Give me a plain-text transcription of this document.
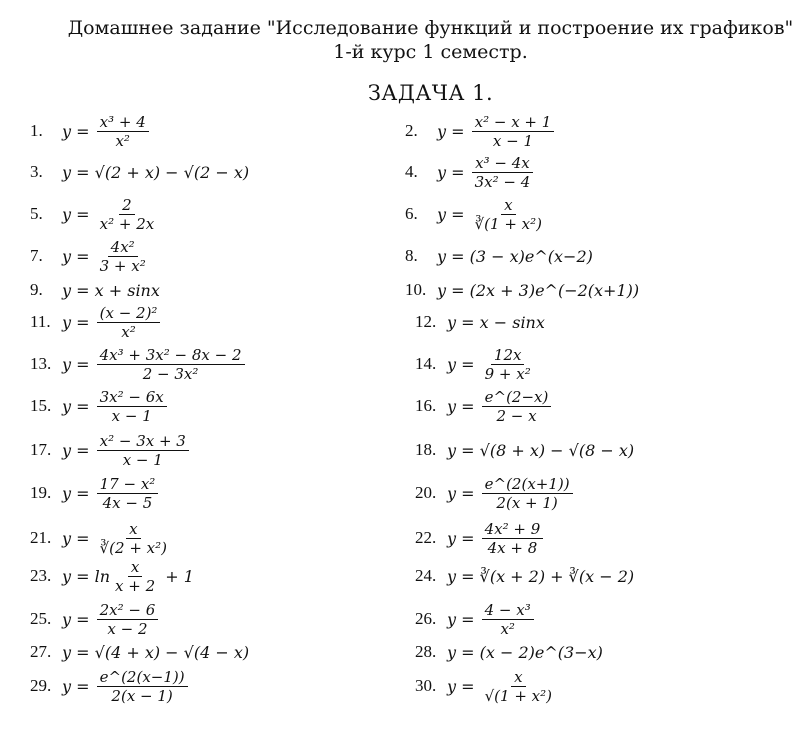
Домашнее задание "Исследование функций и построение их графиков"
1-й курс 1 семестр.
ЗАДАЧА 1.
1.	$y = \frac{\text{x³ + 4}}{\text{x²}}$	2.	$y = \frac{\text{x² − x + 1}}{x - 1}$
3.	y = √(2 + x) − √(2 − x)	4.	$y = \frac{\text{x³ − 4x}}{\text{3x² − 4}}$
5.	$y = \frac{2}{\text{x² + 2x}}$	6.	$y = \frac{x}{\text{∛(1 + x²)}}$
7.	$y = \frac{\text{4x²}}{\text{3 + x²}}$	8.	y = (3 − x)e^(x−2)
9.	y = x + sinx	10. y = (2x + 3)e^(−2(x+1))
11. $y = \frac{\text{(x − 2)²}}{\text{x²}}$	12. y = x − sinx
13. $y = \frac{\text{4x³ + 3x² − 8x − 2}}{\text{2 − 3x²}}$	14. $y = \frac{12x}{\text{9 + x²}}$
15. $y = \frac{\text{3x² − 6x}}{x - 1}$	16. $y = \frac{e\^{}(2-x)}{2 - x}$
17. $y = \frac{\text{x² − 3x + 3}}{x - 1}$	18. y = √(8 + x) − √(8 − x)
19. $y = \frac{\text{17 − x²}}{4x - 5}$	20. $y = \frac{e\^{}(2(x+1))}{2(x + 1)}$
21. $y = \frac{x}{\text{∛(2 + x²)}}$	22. $y = \frac{\text{4x² + 9}}{4x + 8}$
23. $y = \ln \frac{x}{x + 2} + 1$	24. y = ∛(x + 2) + ∛(x − 2)
25. $y = \frac{\text{2x² − 6}}{x - 2}$	26. $y = \frac{\text{4 − x³}}{\text{x²}}$
27. y = √(4 + x) − √(4 − x)	28. y = (x − 2)e^(3−x)
29. $y = \frac{e\^{}(2(x-1))}{2(x - 1)}$	30. $y = \frac{x}{\text{√(1 + x²)}}$
